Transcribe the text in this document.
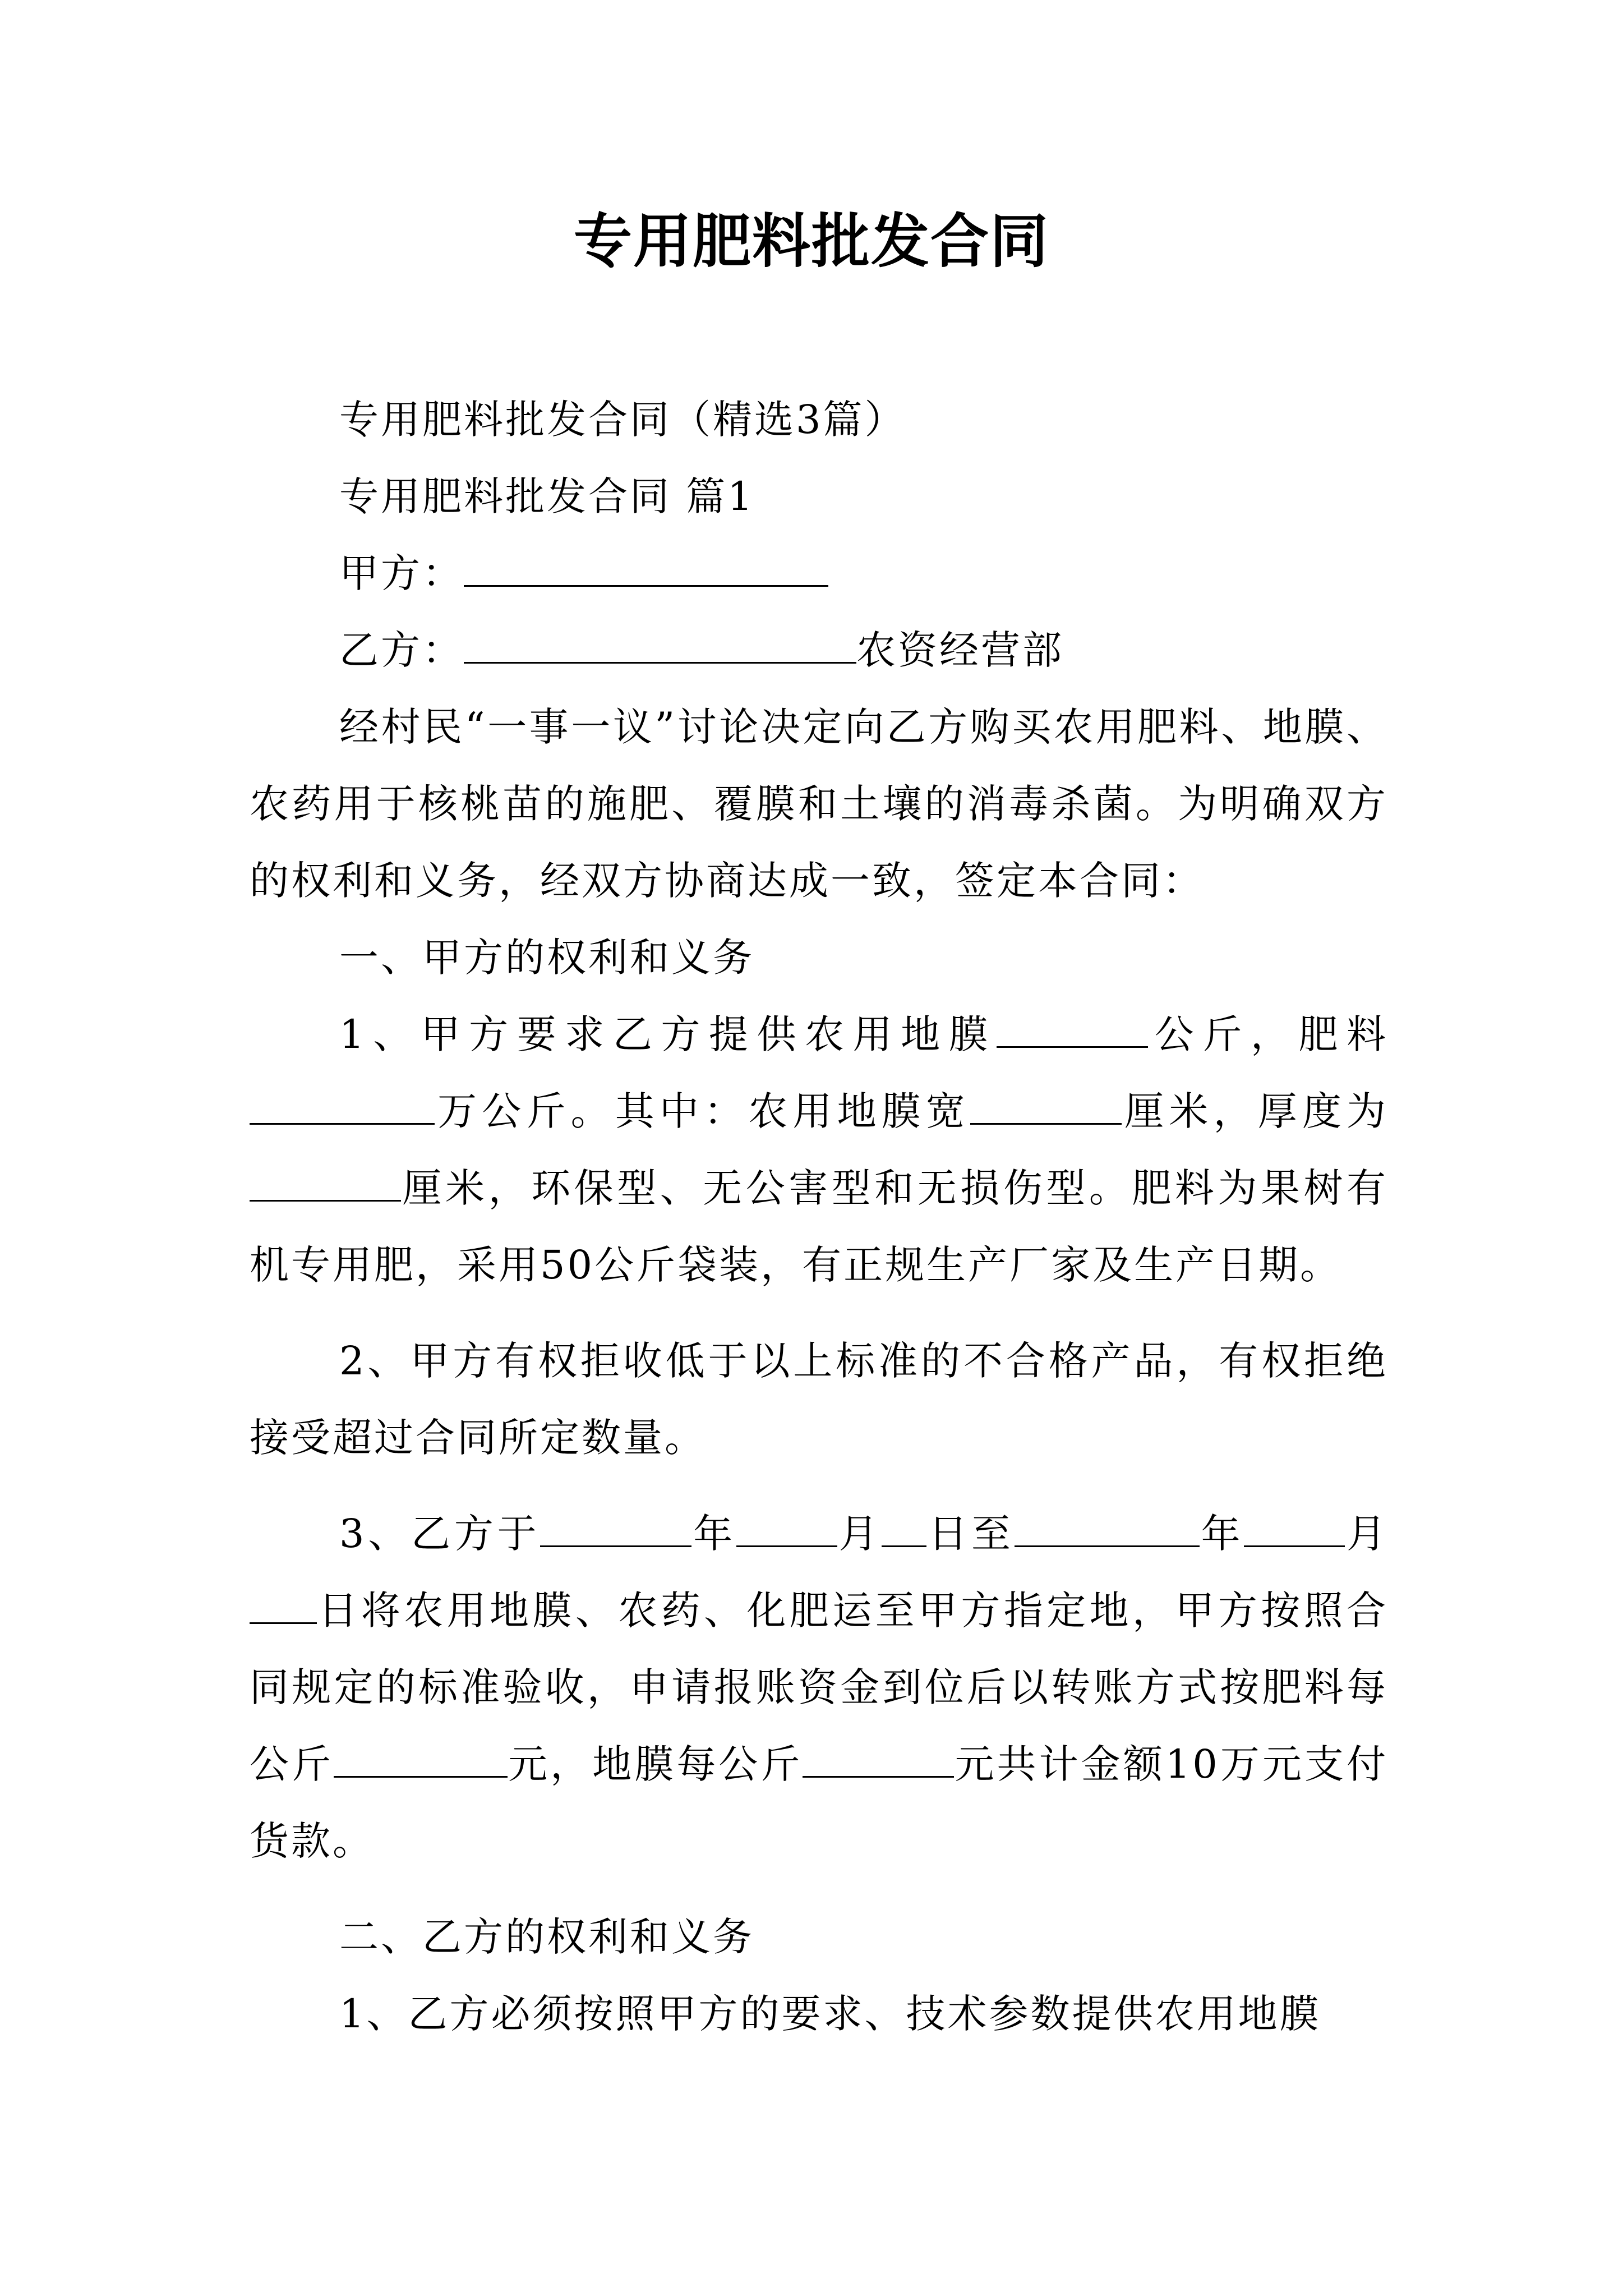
专用肥料批发合同

专用肥料批发合同（精选3篇）

专用肥料批发合同 篇1

甲方：

乙方：	农资经营部

经村民“一事一议”讨论决定向乙方购买农用肥料、地膜、农药用于核桃苗的施肥、覆膜和土壤的消毒杀菌。为明确双方的权利和义务，经双方协商达成一致，签定本合同：

一、甲方的权利和义务

1、甲方要求乙方提供农用地膜	公斤，肥料万公斤。其中：农用地膜宽	厘米，厚度为厘米，环保型、无公害型和无损伤型。肥料为果树有机专用肥，采用50公斤袋装，有正规生产厂家及生产日期。

2、甲方有权拒收低于以上标准的不合格产品，有权拒绝接受超过合同所定数量。

3、乙方于	年	月 日至	年	月日将农用地膜、农药、化肥运至甲方指定地，甲方按照合同规定的标准验收，申请报账资金到位后以转账方式按肥料每公斤	元，地膜每公斤	元共计金额10万元支付货款。

二、乙方的权利和义务

1、乙方必须按照甲方的要求、技术参数提供农用地膜
